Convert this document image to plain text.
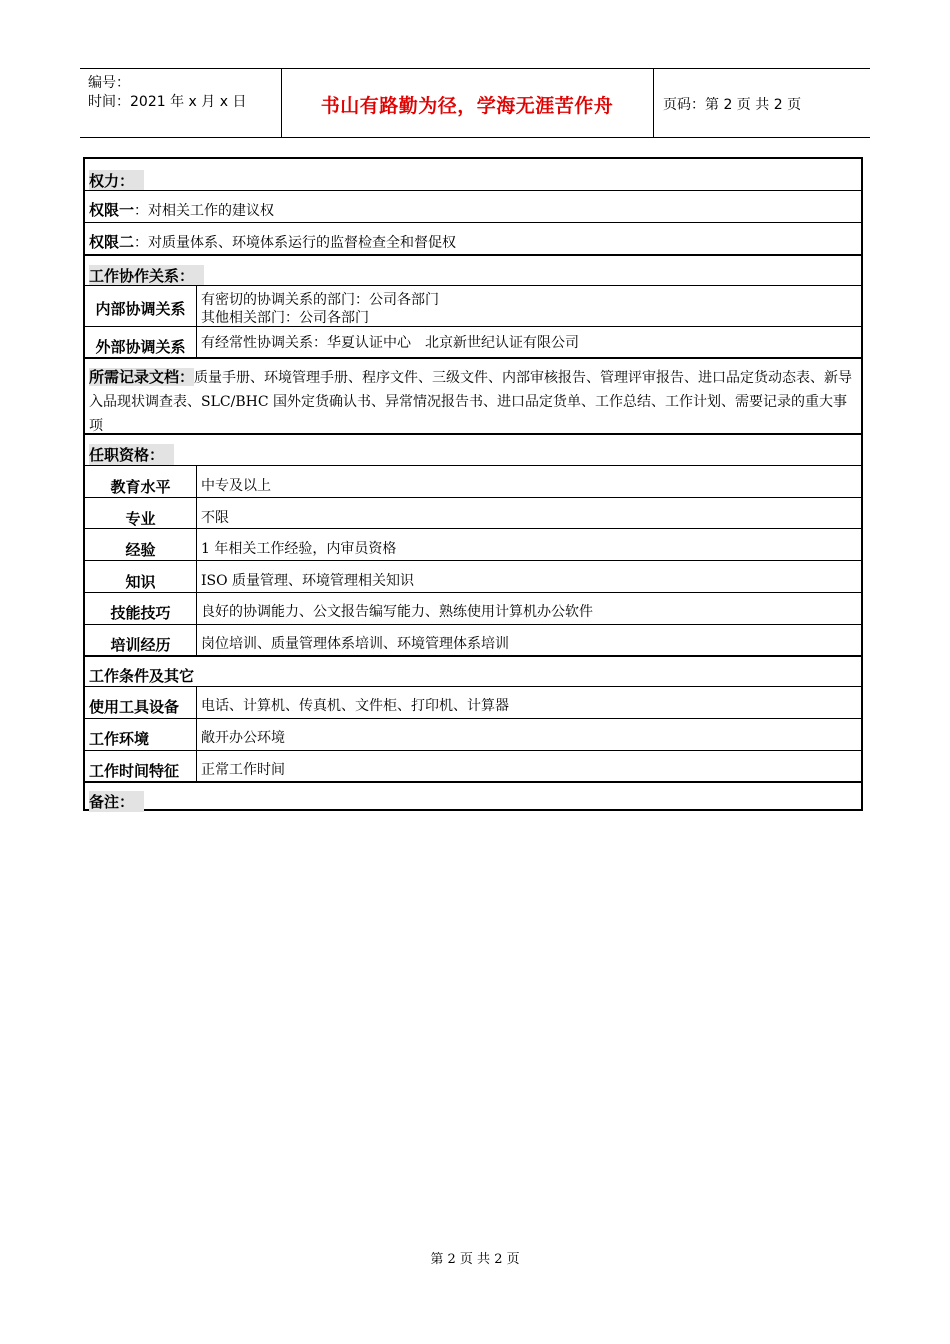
编号：
时间：2021 年 x 月 x 日	书山有路勤为径，学海无涯苦作舟	页码：第 2 页 共 2 页
权力：
权限一：对相关工作的建议权
权限二：对质量体系、环境体系运行的监督检查全和督促权
工作协作关系：
内部协调关系	有密切的协调关系的部门：公司各部门
其他相关部门：公司各部门
外部协调关系	有经常性协调关系：华夏认证中心　北京新世纪认证有限公司
所需记录文档：质量手册、环境管理手册、程序文件、三级文件、内部审核报告、管理评审报告、进口品定货动态表、新导入品现状调查表、SLC/BHC 国外定货确认书、异常情况报告书、进口品定货单、工作总结、工作计划、需要记录的重大事项
任职资格：
教育水平	中专及以上
专业	不限
经验	1 年相关工作经验，内审员资格
知识	ISO 质量管理、环境管理相关知识
技能技巧	良好的协调能力、公文报告编写能力、熟练使用计算机办公软件
培训经历	岗位培训、质量管理体系培训、环境管理体系培训
工作条件及其它
使用工具设备	电话、计算机、传真机、文件柜、打印机、计算器
工作环境	敞开办公环境
工作时间特征	正常工作时间
备注：
第 2 页 共 2 页
